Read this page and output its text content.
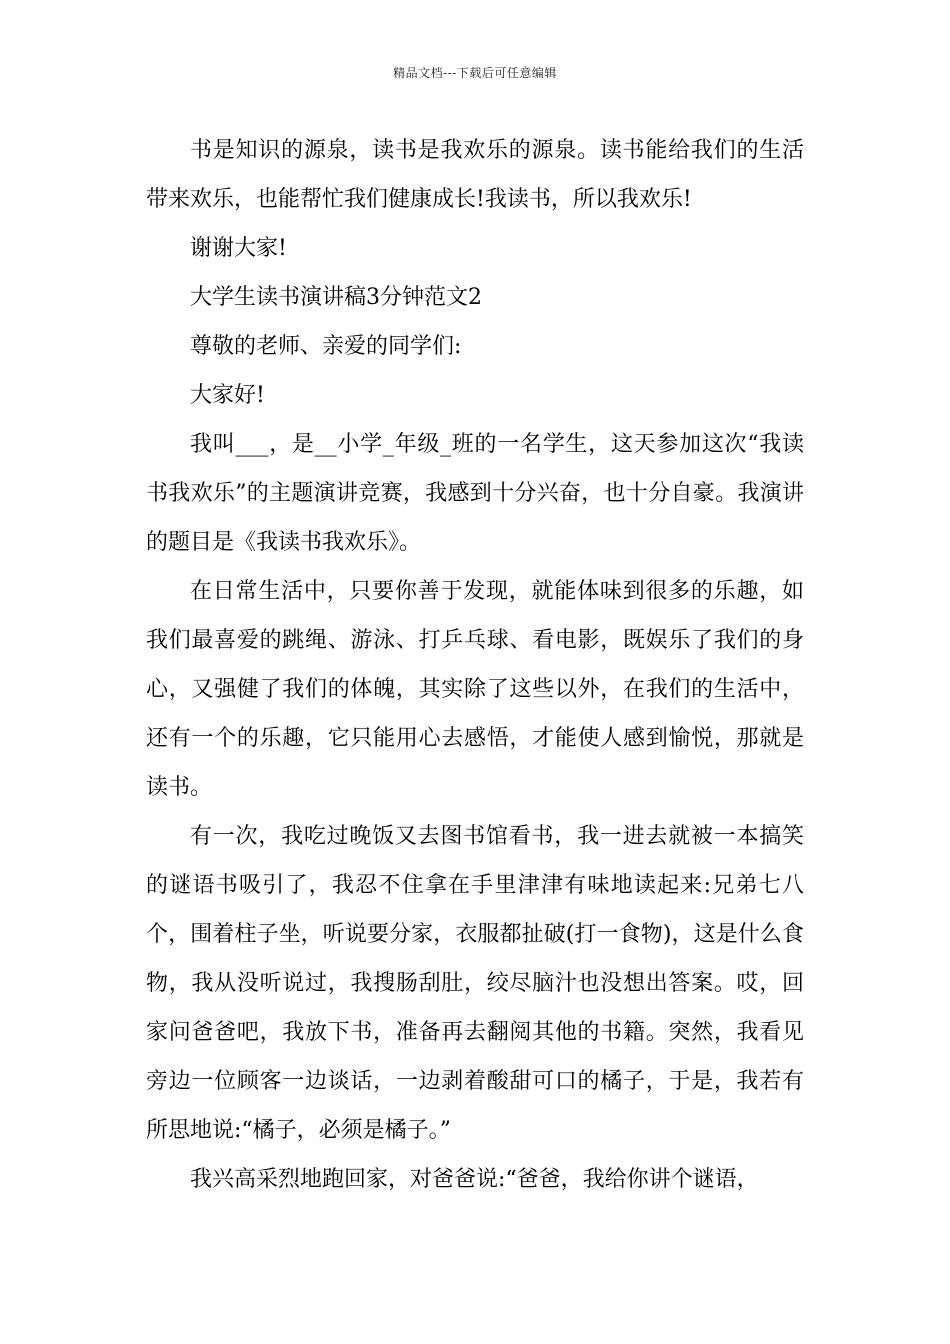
精品文档---下载后可任意编辑

书是知识的源泉，读书是我欢乐的源泉。读书能给我们的生活带来欢乐，也能帮忙我们健康成长!我读书，所以我欢乐!

谢谢大家!

大学生读书演讲稿3分钟范文2

尊敬的老师、亲爱的同学们:

大家好!

我叫___，是__小学_年级_班的一名学生，这天参加这次“我读书我欢乐”的主题演讲竞赛，我感到十分兴奋，也十分自豪。我演讲的题目是《我读书我欢乐》。

在日常生活中，只要你善于发现，就能体味到很多的乐趣，如我们最喜爱的跳绳、游泳、打乒乓球、看电影，既娱乐了我们的身心，又强健了我们的体魄，其实除了这些以外，在我们的生活中，还有一个的乐趣，它只能用心去感悟，才能使人感到愉悦，那就是读书。

有一次，我吃过晚饭又去图书馆看书，我一进去就被一本搞笑的谜语书吸引了，我忍不住拿在手里津津有味地读起来:兄弟七八个，围着柱子坐，听说要分家，衣服都扯破(打一食物)，这是什么食物，我从没听说过，我搜肠刮肚，绞尽脑汁也没想出答案。哎，回家问爸爸吧，我放下书，准备再去翻阅其他的书籍。突然，我看见旁边一位顾客一边谈话，一边剥着酸甜可口的橘子，于是，我若有所思地说:“橘子，必须是橘子。”

我兴高采烈地跑回家，对爸爸说:“爸爸，我给你讲个谜语，
